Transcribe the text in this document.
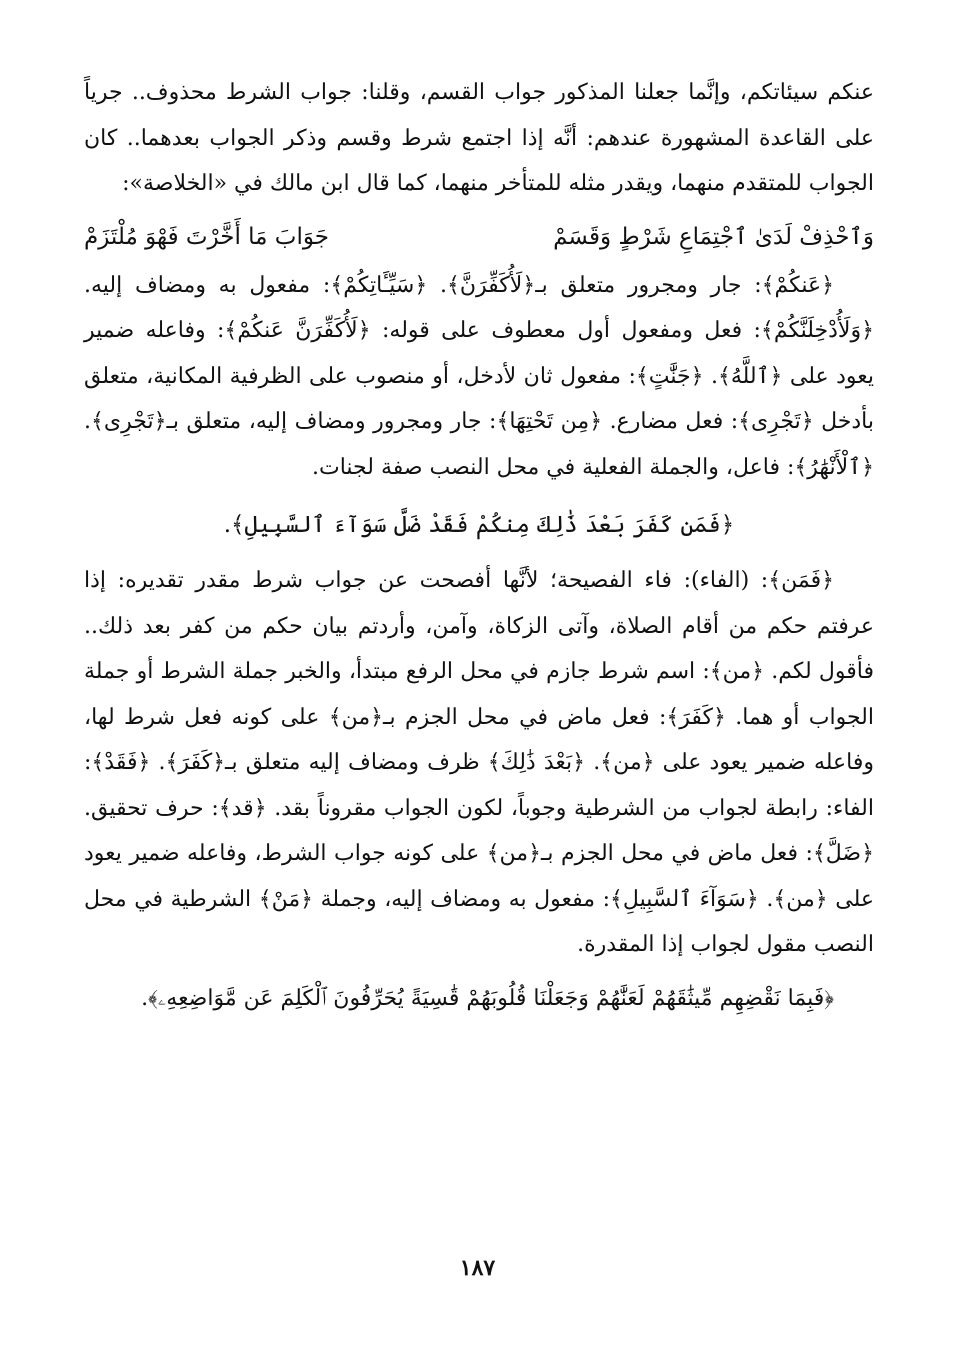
عنكم سيئاتكم، وإنَّما جعلنا المذكور جواب القسم، وقلنا: جواب الشرط محذوف.. جرياً على القاعدة المشهورة عندهم: أنَّه إذا اجتمع شرط وقسم وذكر الجواب بعدهما.. كان الجواب للمتقدم منهما، ويقدر مثله للمتأخر منهما، كما قال ابن مالك في «الخلاصة»:

وَٱحْذِفْ لَدَىٰ ٱجْتِمَاعِ شَرْطٍ وَقَسَمْ
جَوَابَ مَا أَخَّرْتَ فَهْوَ مُلْتَزَمْ

﴿عَنكُمْ﴾: جار ومجرور متعلق بـ﴿لَأُكَفِّرَنَّ﴾. ﴿سَيِّـَٔاتِكُمْ﴾: مفعول به ومضاف إليه. ﴿وَلَأُدْخِلَنَّكُمْ﴾: فعل ومفعول أول معطوف على قوله: ﴿لَأُكَفِّرَنَّ عَنكُمْ﴾: وفاعله ضمير يعود على ﴿ٱللَّهُ﴾. ﴿جَنَّٰتٍ﴾: مفعول ثان لأدخل، أو منصوب على الظرفية المكانية، متعلق بأدخل ﴿تَجْرِى﴾: فعل مضارع. ﴿مِن تَحْتِهَا﴾: جار ومجرور ومضاف إليه، متعلق بـ﴿تَجْرِى﴾. ﴿ٱلْأَنْهَٰرُ﴾: فاعل، والجملة الفعلية في محل النصب صفة لجنات.

﴿فَمَن كَفَرَ بَعْدَ ذَٰلِكَ مِنكُمْ فَقَدْ ضَلَّ سَوَآءَ ٱلسَّبِيلِ﴾.

﴿فَمَن﴾: (الفاء): فاء الفصيحة؛ لأنَّها أفصحت عن جواب شرط مقدر تقديره: إذا عرفتم حكم من أقام الصلاة، وآتى الزكاة، وآمن، وأردتم بيان حكم من كفر بعد ذلك.. فأقول لكم. ﴿من﴾: اسم شرط جازم في محل الرفع مبتدأ، والخبر جملة الشرط أو جملة الجواب أو هما. ﴿كَفَرَ﴾: فعل ماض في محل الجزم بـ﴿من﴾ على كونه فعل شرط لها، وفاعله ضمير يعود على ﴿من﴾. ﴿بَعْدَ ذَٰلِكَ﴾ ظرف ومضاف إليه متعلق بـ﴿كَفَرَ﴾. ﴿فَقَدْ﴾: الفاء: رابطة لجواب من الشرطية وجوباً، لكون الجواب مقروناً بقد. ﴿قد﴾: حرف تحقيق. ﴿ضَلَّ﴾: فعل ماض في محل الجزم بـ﴿من﴾ على كونه جواب الشرط، وفاعله ضمير يعود على ﴿من﴾. ﴿سَوَآءَ ٱلسَّبِيلِ﴾: مفعول به ومضاف إليه، وجملة ﴿مَنْ﴾ الشرطية في محل النصب مقول لجواب إذا المقدرة.

﴿فَبِمَا نَقْضِهِم مِّيثَٰقَهُمْ لَعَنَّٰهُمْ وَجَعَلْنَا قُلُوبَهُمْ قَٰسِيَةً يُحَرِّفُونَ ٱلْكَلِمَ عَن مَّوَاضِعِهِۦ﴾.

١٨٧
